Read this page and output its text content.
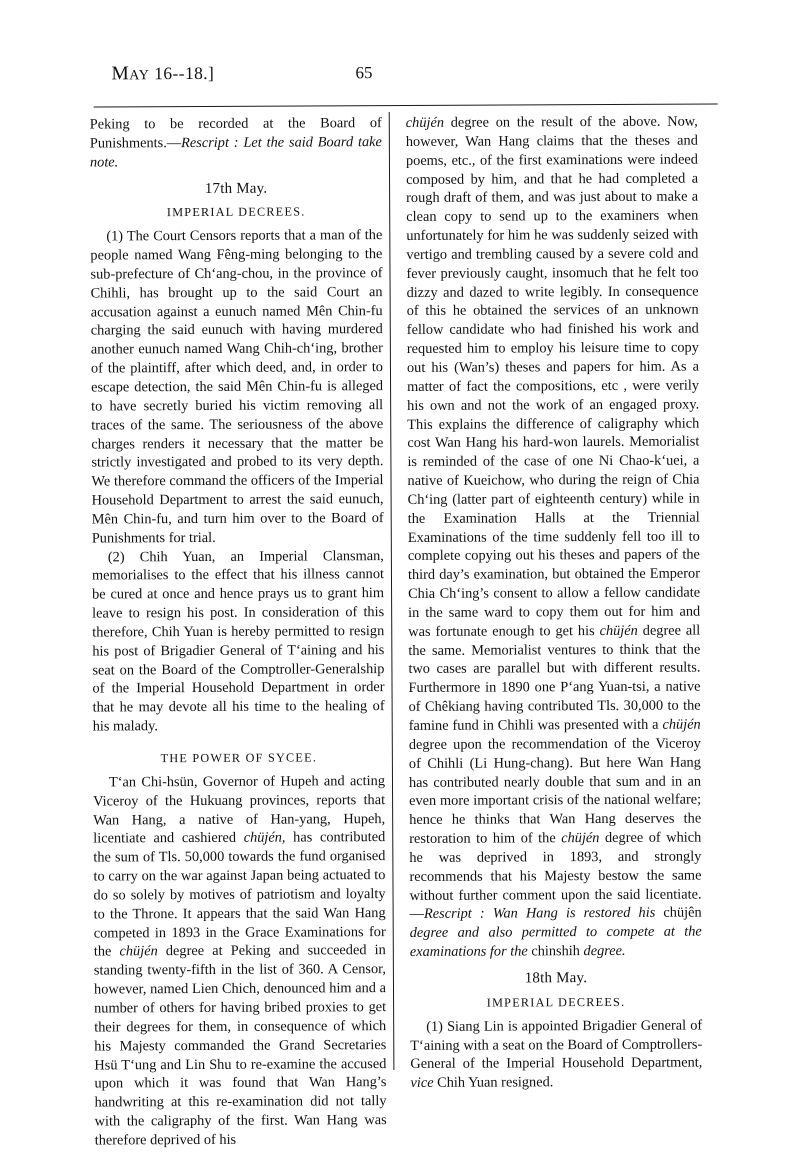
MAY 16--18.]	65

Peking to be recorded at the Board of Punishments.—Rescript : Let the said Board take note.

17th May.

IMPERIAL DECREES.

(1) The Court Censors reports that a man of the people named Wang Fêng-ming belonging to the sub-prefecture of Ch‘ang-chou, in the province of Chihli, has brought up to the said Court an accusation against a eunuch named Mên Chin-fu charging the said eunuch with having murdered another eunuch named Wang Chih-ch‘ing, brother of the plaintiff, after which deed, and, in order to escape detection, the said Mên Chin-fu is alleged to have secretly buried his victim removing all traces of the same. The seriousness of the above charges renders it necessary that the matter be strictly investigated and probed to its very depth. We therefore command the officers of the Imperial Household Department to arrest the said eunuch, Mên Chin-fu, and turn him over to the Board of Punishments for trial.

(2) Chih Yuan, an Imperial Clansman, memorialises to the effect that his illness cannot be cured at once and hence prays us to grant him leave to resign his post. In consideration of this therefore, Chih Yuan is hereby permitted to resign his post of Brigadier General of T‘aining and his seat on the Board of the Comptroller-Generalship of the Imperial Household Department in order that he may devote all his time to the healing of his malady.

THE POWER OF SYCEE.

T‘an Chi-hsün, Governor of Hupeh and acting Viceroy of the Hukuang provinces, reports that Wan Hang, a native of Han-yang, Hupeh, licentiate and cashiered chüjén, has contributed the sum of Tls. 50,000 towards the fund organised to carry on the war against Japan being actuated to do so solely by motives of patriotism and loyalty to the Throne. It appears that the said Wan Hang competed in 1893 in the Grace Examinations for the chüjén degree at Peking and succeeded in standing twenty-fifth in the list of 360. A Censor, however, named Lien Chich, denounced him and a number of others for having bribed proxies to get their degrees for them, in consequence of which his Majesty commanded the Grand Secretaries Hsü T‘ung and Lin Shu to re-examine the accused upon which it was found that Wan Hang’s handwriting at this re-examination did not tally with the caligraphy of the first. Wan Hang was therefore deprived of his

chüjén degree on the result of the above. Now, however, Wan Hang claims that the theses and poems, etc., of the first examinations were indeed composed by him, and that he had completed a rough draft of them, and was just about to make a clean copy to send up to the examiners when unfortunately for him he was suddenly seized with vertigo and trembling caused by a severe cold and fever previously caught, insomuch that he felt too dizzy and dazed to write legibly. In consequence of this he obtained the services of an unknown fellow candidate who had finished his work and requested him to employ his leisure time to copy out his (Wan’s) theses and papers for him. As a matter of fact the compositions, etc , were verily his own and not the work of an engaged proxy. This explains the difference of caligraphy which cost Wan Hang his hard-won laurels. Memorialist is reminded of the case of one Ni Chao-k‘uei, a native of Kueichow, who during the reign of Chia Ch‘ing (latter part of eighteenth century) while in the Examination Halls at the Triennial Examinations of the time suddenly fell too ill to complete copying out his theses and papers of the third day’s examination, but obtained the Emperor Chia Ch‘ing’s consent to allow a fellow candidate in the same ward to copy them out for him and was fortunate enough to get his chüjén degree all the same. Memorialist ventures to think that the two cases are parallel but with different results. Furthermore in 1890 one P‘ang Yuan-tsi, a native of Chêkiang having contributed Tls. 30,000 to the famine fund in Chihli was presented with a chüjén degree upon the recommendation of the Viceroy of Chihli (Li Hung-chang). But here Wan Hang has contributed nearly double that sum and in an even more important crisis of the national welfare; hence he thinks that Wan Hang deserves the restoration to him of the chüjén degree of which he was deprived in 1893, and strongly recommends that his Majesty bestow the same without further comment upon the said licentiate.—Rescript : Wan Hang is restored his chüjên degree and also permitted to compete at the examinations for the chinshih degree.

18th May.

IMPERIAL DECREES.

(1) Siang Lin is appointed Brigadier General of T‘aining with a seat on the Board of Comptrollers-General of the Imperial Household Department, vice Chih Yuan resigned.
